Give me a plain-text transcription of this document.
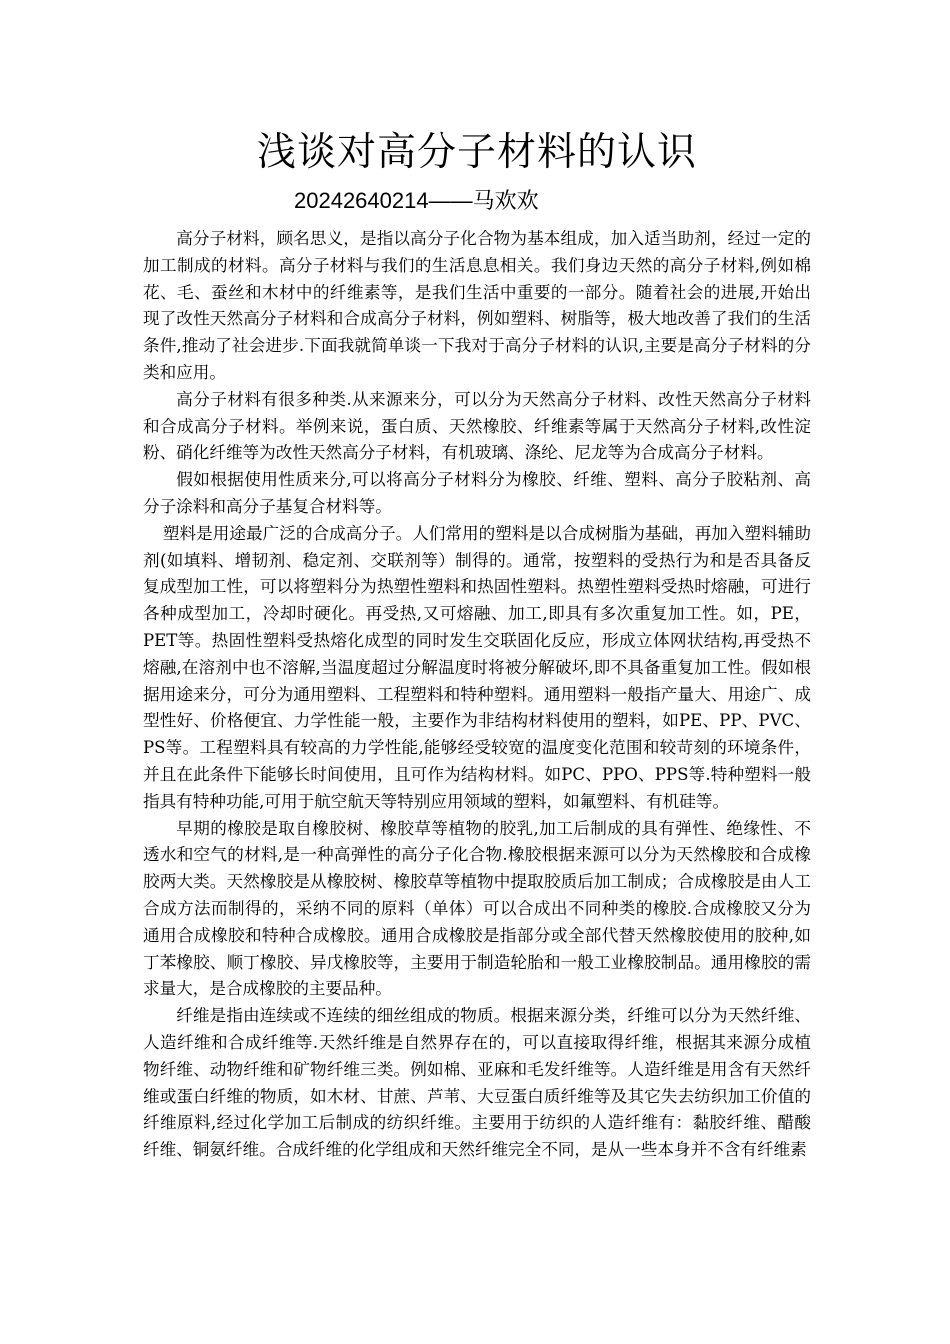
浅谈对高分子材料的认识
20242640214——马欢欢

高分子材料，顾名思义，是指以高分子化合物为基本组成，加入适当助剂，经过一定的加工制成的材料。高分子材料与我们的生活息息相关。我们身边天然的高分子材料,例如棉花、毛、蚕丝和木材中的纤维素等，是我们生活中重要的一部分。随着社会的进展,开始出现了改性天然高分子材料和合成高分子材料，例如塑料、树脂等，极大地改善了我们的生活条件,推动了社会进步.下面我就简单谈一下我对于高分子材料的认识,主要是高分子材料的分类和应用。

高分子材料有很多种类.从来源来分，可以分为天然高分子材料、改性天然高分子材料和合成高分子材料。举例来说，蛋白质、天然橡胶、纤维素等属于天然高分子材料,改性淀粉、硝化纤维等为改性天然高分子材料，有机玻璃、涤纶、尼龙等为合成高分子材料。

假如根据使用性质来分,可以将高分子材料分为橡胶、纤维、塑料、高分子胶粘剂、高分子涂料和高分子基复合材料等。

塑料是用途最广泛的合成高分子。人们常用的塑料是以合成树脂为基础，再加入塑料辅助剂(如填料、增韧剂、稳定剂、交联剂等）制得的。通常，按塑料的受热行为和是否具备反复成型加工性，可以将塑料分为热塑性塑料和热固性塑料。热塑性塑料受热时熔融，可进行各种成型加工，冷却时硬化。再受热,又可熔融、加工,即具有多次重复加工性。如，PE，PET等。热固性塑料受热熔化成型的同时发生交联固化反应，形成立体网状结构,再受热不熔融,在溶剂中也不溶解,当温度超过分解温度时将被分解破坏,即不具备重复加工性。假如根据用途来分，可分为通用塑料、工程塑料和特种塑料。通用塑料一般指产量大、用途广、成型性好、价格便宜、力学性能一般，主要作为非结构材料使用的塑料，如PE、PP、PVC、PS等。工程塑料具有较高的力学性能,能够经受较宽的温度变化范围和较苛刻的环境条件，并且在此条件下能够长时间使用，且可作为结构材料。如PC、PPO、PPS等.特种塑料一般指具有特种功能,可用于航空航天等特别应用领域的塑料，如氟塑料、有机硅等。

早期的橡胶是取自橡胶树、橡胶草等植物的胶乳,加工后制成的具有弹性、绝缘性、不透水和空气的材料,是一种高弹性的高分子化合物.橡胶根据来源可以分为天然橡胶和合成橡胶两大类。天然橡胶是从橡胶树、橡胶草等植物中提取胶质后加工制成；合成橡胶是由人工合成方法而制得的，采纳不同的原料（单体）可以合成出不同种类的橡胶.合成橡胶又分为通用合成橡胶和特种合成橡胶。通用合成橡胶是指部分或全部代替天然橡胶使用的胶种,如丁苯橡胶、顺丁橡胶、异戊橡胶等，主要用于制造轮胎和一般工业橡胶制品。通用橡胶的需求量大，是合成橡胶的主要品种。

纤维是指由连续或不连续的细丝组成的物质。根据来源分类，纤维可以分为天然纤维、人造纤维和合成纤维等.天然纤维是自然界存在的，可以直接取得纤维，根据其来源分成植物纤维、动物纤维和矿物纤维三类。例如棉、亚麻和毛发纤维等。人造纤维是用含有天然纤维或蛋白纤维的物质，如木材、甘蔗、芦苇、大豆蛋白质纤维等及其它失去纺织加工价值的纤维原料,经过化学加工后制成的纺织纤维。主要用于纺织的人造纤维有：黏胶纤维、醋酸纤维、铜氨纤维。合成纤维的化学组成和天然纤维完全不同，是从一些本身并不含有纤维素
